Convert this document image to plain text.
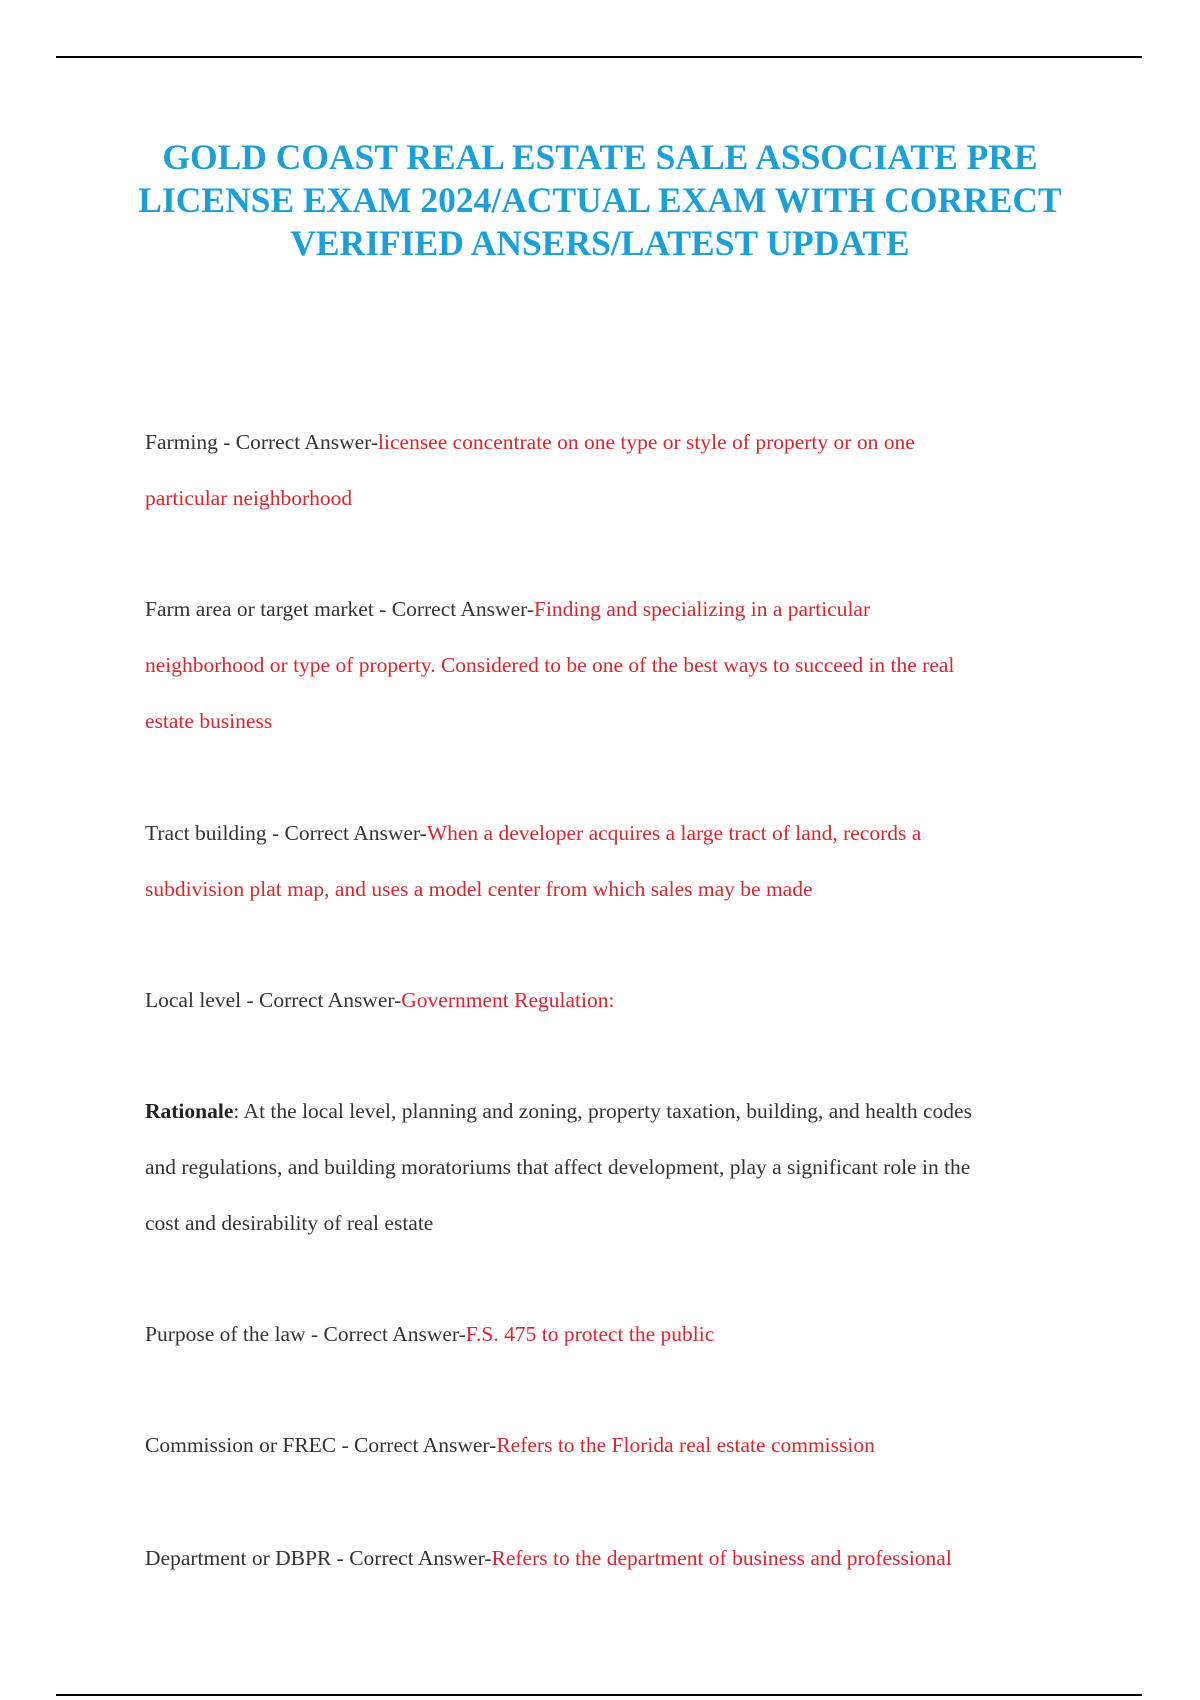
GOLD COAST REAL ESTATE SALE ASSOCIATE PRE
LICENSE EXAM 2024/ACTUAL EXAM WITH CORRECT
VERIFIED ANSERS/LATEST UPDATE
Farming - Correct Answer-licensee concentrate on one type or style of property or on one
particular neighborhood
Farm area or target market - Correct Answer-Finding and specializing in a particular
neighborhood or type of property. Considered to be one of the best ways to succeed in the real
estate business
Tract building - Correct Answer-When a developer acquires a large tract of land, records a
subdivision plat map, and uses a model center from which sales may be made
Local level - Correct Answer-Government Regulation:
Rationale: At the local level, planning and zoning, property taxation, building, and health codes
and regulations, and building moratoriums that affect development, play a significant role in the
cost and desirability of real estate
Purpose of the law - Correct Answer-F.S. 475 to protect the public
Commission or FREC - Correct Answer-Refers to the Florida real estate commission
Department or DBPR - Correct Answer-Refers to the department of business and professional
